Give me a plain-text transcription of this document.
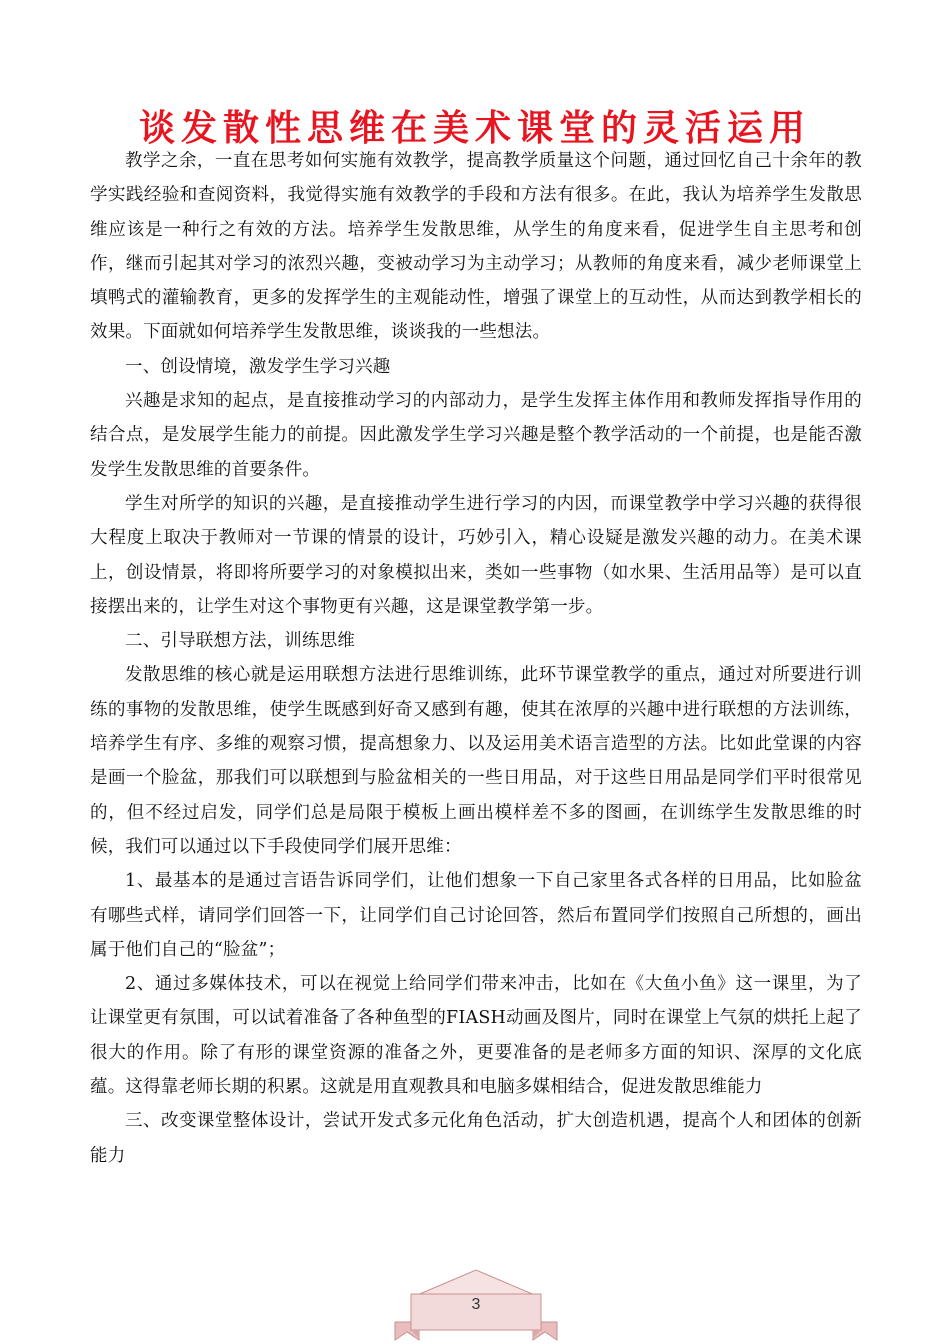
谈发散性思维在美术课堂的灵活运用

教学之余，一直在思考如何实施有效教学，提高教学质量这个问题，通过回忆自己十余年的教学实践经验和查阅资料，我觉得实施有效教学的手段和方法有很多。在此，我认为培养学生发散思维应该是一种行之有效的方法。培养学生发散思维，从学生的角度来看，促进学生自主思考和创作，继而引起其对学习的浓烈兴趣，变被动学习为主动学习；从教师的角度来看，减少老师课堂上填鸭式的灌输教育，更多的发挥学生的主观能动性，增强了课堂上的互动性，从而达到教学相长的效果。下面就如何培养学生发散思维，谈谈我的一些想法。

一、创设情境，激发学生学习兴趣

兴趣是求知的起点，是直接推动学习的内部动力，是学生发挥主体作用和教师发挥指导作用的结合点，是发展学生能力的前提。因此激发学生学习兴趣是整个教学活动的一个前提，也是能否激发学生发散思维的首要条件。

学生对所学的知识的兴趣，是直接推动学生进行学习的内因，而课堂教学中学习兴趣的获得很大程度上取决于教师对一节课的情景的设计，巧妙引入，精心设疑是激发兴趣的动力。在美术课上，创设情景，将即将所要学习的对象模拟出来，类如一些事物（如水果、生活用品等）是可以直接摆出来的，让学生对这个事物更有兴趣，这是课堂教学第一步。

二、引导联想方法，训练思维

发散思维的核心就是运用联想方法进行思维训练，此环节课堂教学的重点，通过对所要进行训练的事物的发散思维，使学生既感到好奇又感到有趣，使其在浓厚的兴趣中进行联想的方法训练，培养学生有序、多维的观察习惯，提高想象力、以及运用美术语言造型的方法。比如此堂课的内容是画一个脸盆，那我们可以联想到与脸盆相关的一些日用品，对于这些日用品是同学们平时很常见的，但不经过启发，同学们总是局限于模板上画出模样差不多的图画，在训练学生发散思维的时候，我们可以通过以下手段使同学们展开思维：

1、最基本的是通过言语告诉同学们，让他们想象一下自己家里各式各样的日用品，比如脸盆有哪些式样，请同学们回答一下，让同学们自己讨论回答，然后布置同学们按照自己所想的，画出属于他们自己的“脸盆”；

2、通过多媒体技术，可以在视觉上给同学们带来冲击，比如在《大鱼小鱼》这一课里，为了让课堂更有氛围，可以试着准备了各种鱼型的FIASH动画及图片，同时在课堂上气氛的烘托上起了很大的作用。除了有形的课堂资源的准备之外，更要准备的是老师多方面的知识、深厚的文化底蕴。这得靠老师长期的积累。这就是用直观教具和电脑多媒相结合，促进发散思维能力

三、改变课堂整体设计，尝试开发式多元化角色活动，扩大创造机遇，提高个人和团体的创新能力

3
